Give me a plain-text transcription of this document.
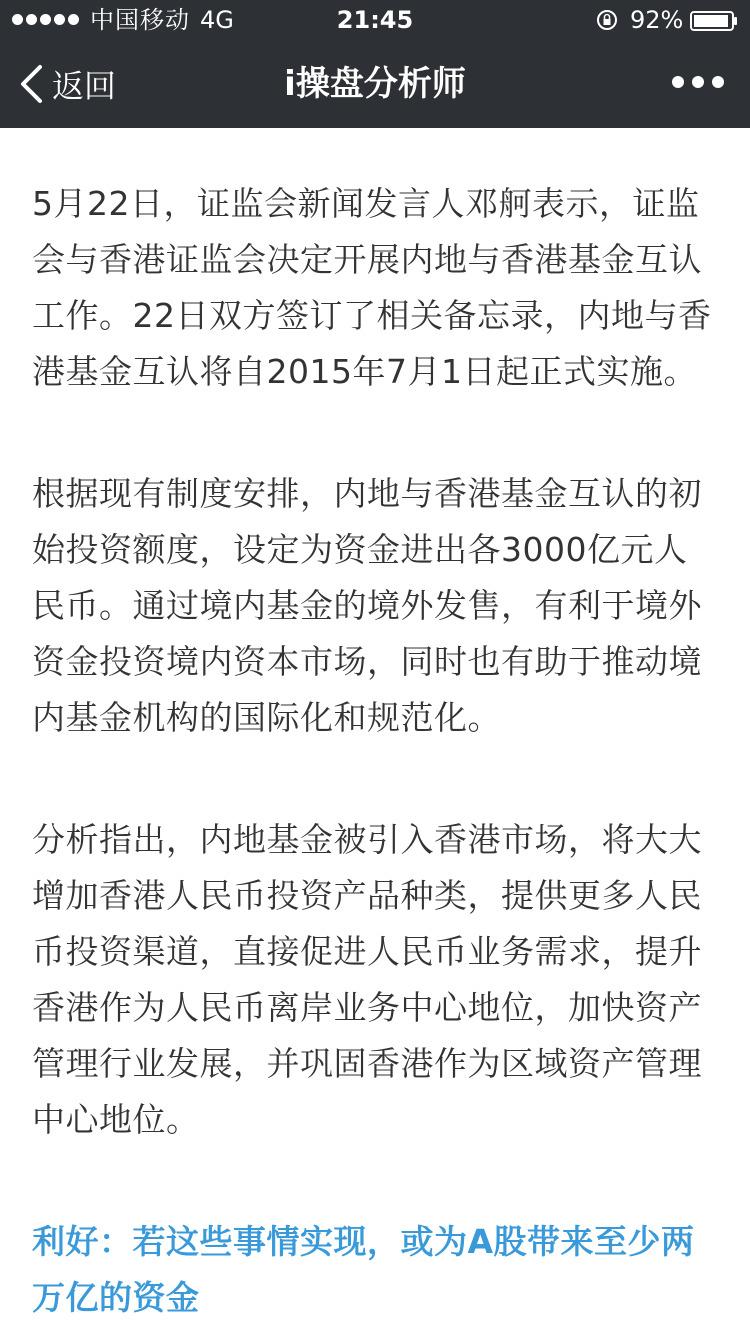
中国移动 4G	21:45	92%
返回	i操盘分析师

5月22日，证监会新闻发言人邓舸表示，证监会与香港证监会决定开展内地与香港基金互认工作。22日双方签订了相关备忘录，内地与香港基金互认将自2015年7月1日起正式实施。

根据现有制度安排，内地与香港基金互认的初始投资额度，设定为资金进出各3000亿元人民币。通过境内基金的境外发售，有利于境外资金投资境内资本市场，同时也有助于推动境内基金机构的国际化和规范化。

分析指出，内地基金被引入香港市场，将大大增加香港人民币投资产品种类，提供更多人民币投资渠道，直接促进人民币业务需求，提升香港作为人民币离岸业务中心地位，加快资产管理行业发展，并巩固香港作为区域资产管理中心地位。

利好：若这些事情实现，或为A股带来至少两万亿的资金
